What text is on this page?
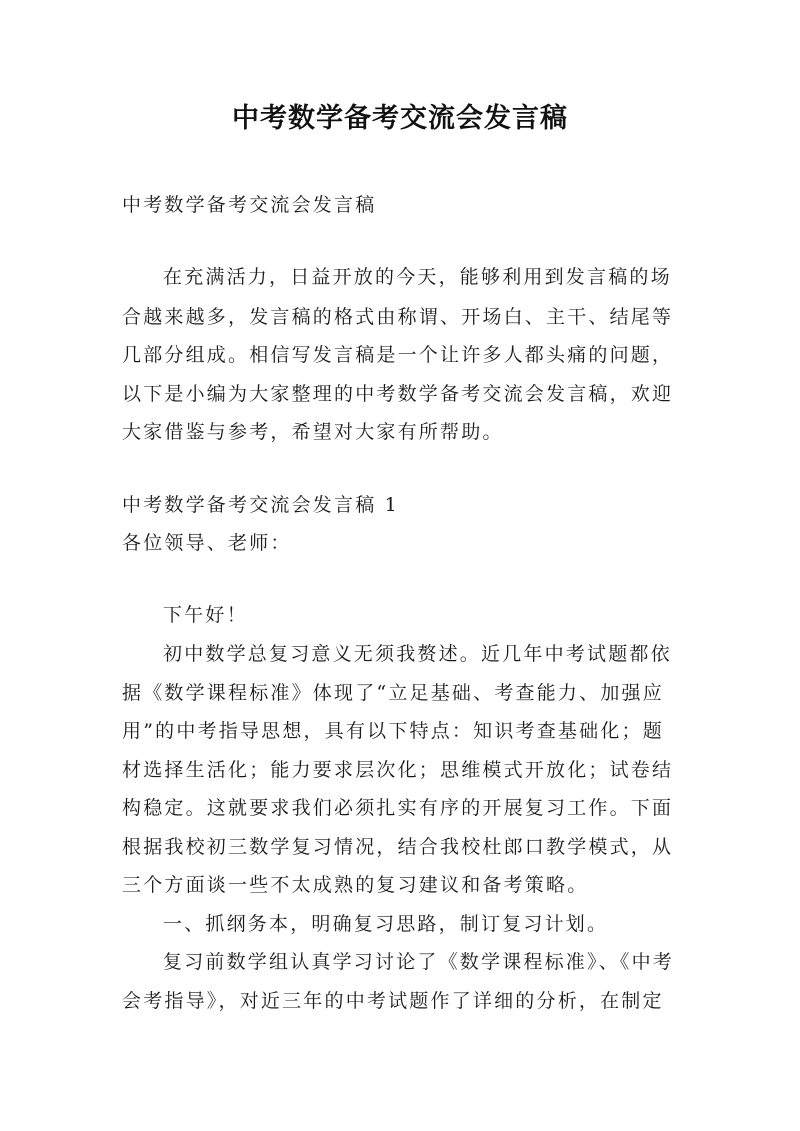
中考数学备考交流会发言稿
中考数学备考交流会发言稿
在充满活力，日益开放的今天，能够利用到发言稿的场
合越来越多，发言稿的格式由称谓、开场白、主干、结尾等
几部分组成。相信写发言稿是一个让许多人都头痛的问题，
以下是小编为大家整理的中考数学备考交流会发言稿，欢迎
大家借鉴与参考，希望对大家有所帮助。
中考数学备考交流会发言稿 1
各位领导、老师：
下午好！
初中数学总复习意义无须我赘述。近几年中考试题都依
据《数学课程标准》体现了“立足基础、考查能力、加强应
用”的中考指导思想，具有以下特点：知识考查基础化；题
材选择生活化；能力要求层次化；思维模式开放化；试卷结
构稳定。这就要求我们必须扎实有序的开展复习工作。下面
根据我校初三数学复习情况，结合我校杜郎口教学模式，从
三个方面谈一些不太成熟的复习建议和备考策略。
一、抓纲务本，明确复习思路，制订复习计划。
复习前数学组认真学习讨论了《数学课程标准》、《中考
会考指导》，对近三年的中考试题作了详细的分析，在制定
